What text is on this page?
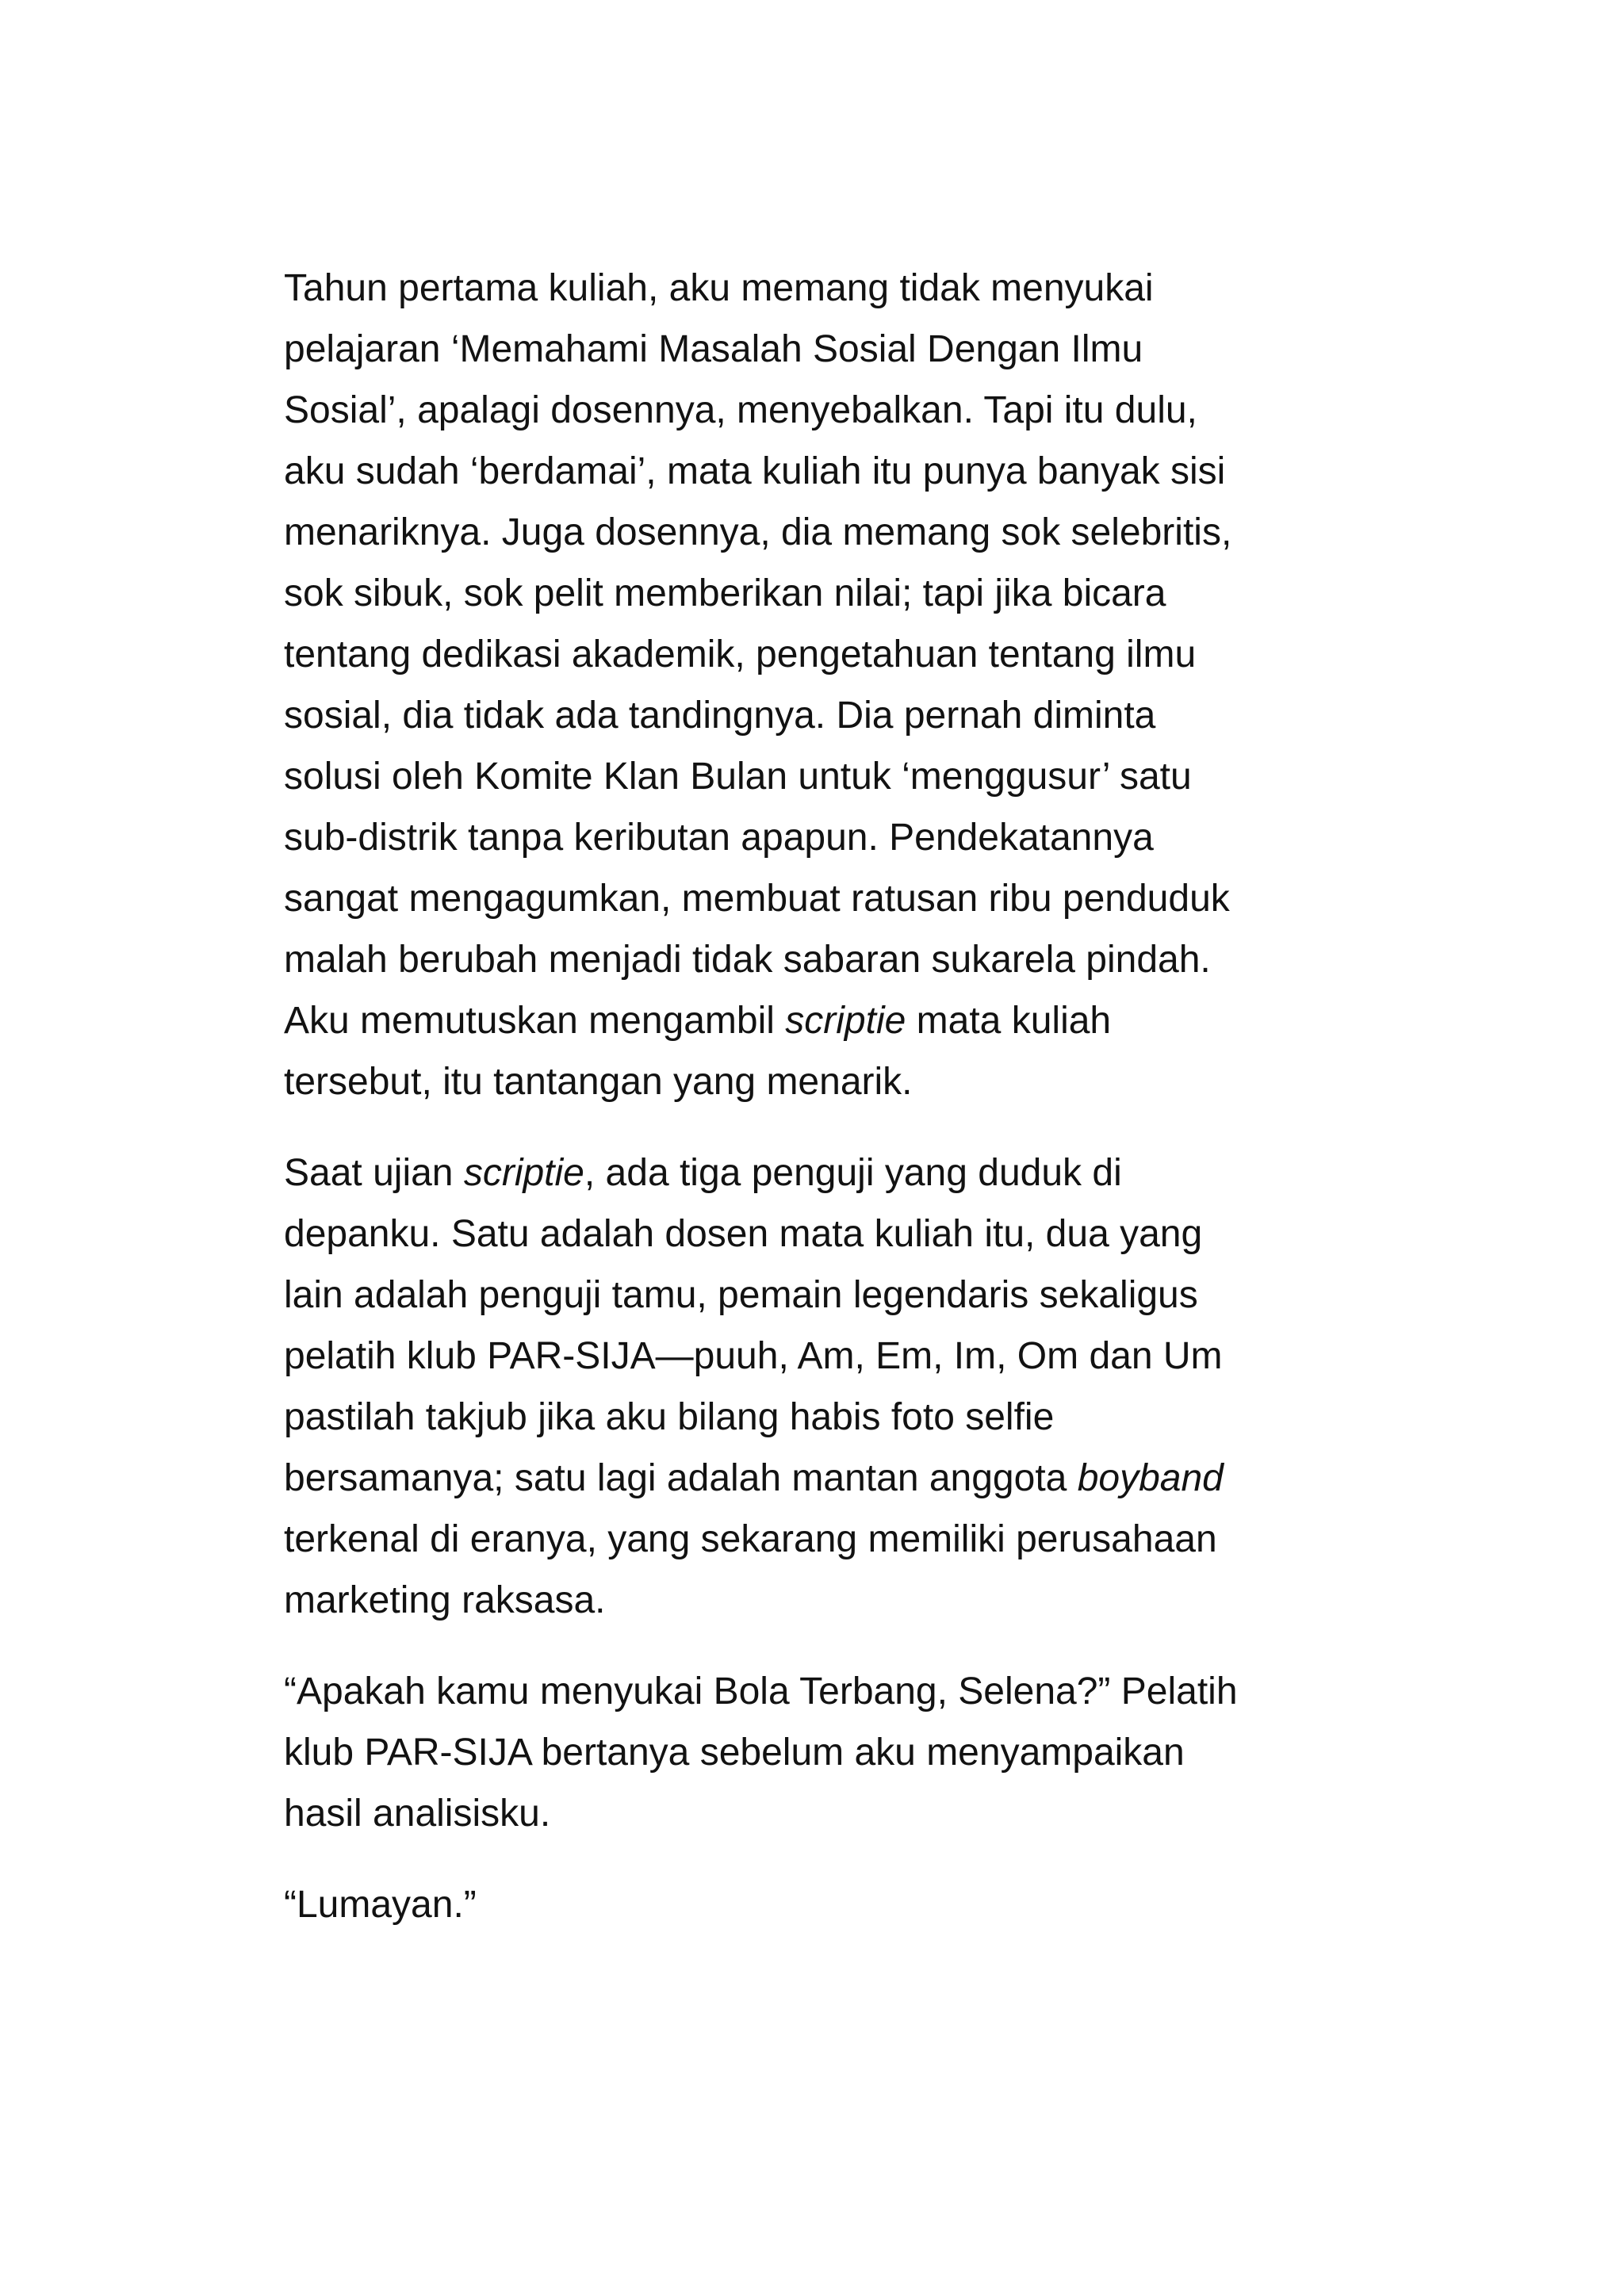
Tahun pertama kuliah, aku memang tidak menyukai
pelajaran ‘Memahami Masalah Sosial Dengan Ilmu
Sosial’, apalagi dosennya, menyebalkan. Tapi itu dulu,
aku sudah ‘berdamai’, mata kuliah itu punya banyak sisi
menariknya. Juga dosennya, dia memang sok selebritis,
sok sibuk, sok pelit memberikan nilai; tapi jika bicara
tentang dedikasi akademik, pengetahuan tentang ilmu
sosial, dia tidak ada tandingnya. Dia pernah diminta
solusi oleh Komite Klan Bulan untuk ‘menggusur’ satu
sub-distrik tanpa keributan apapun. Pendekatannya
sangat mengagumkan, membuat ratusan ribu penduduk
malah berubah menjadi tidak sabaran sukarela pindah.
Aku memutuskan mengambil scriptie mata kuliah
tersebut, itu tantangan yang menarik.

Saat ujian scriptie, ada tiga penguji yang duduk di
depanku. Satu adalah dosen mata kuliah itu, dua yang
lain adalah penguji tamu, pemain legendaris sekaligus
pelatih klub PAR-SIJA—puuh, Am, Em, Im, Om dan Um
pastilah takjub jika aku bilang habis foto selfie
bersamanya; satu lagi adalah mantan anggota boyband
terkenal di eranya, yang sekarang memiliki perusahaan
marketing raksasa.

“Apakah kamu menyukai Bola Terbang, Selena?” Pelatih
klub PAR-SIJA bertanya sebelum aku menyampaikan
hasil analisisku.

“Lumayan.”
